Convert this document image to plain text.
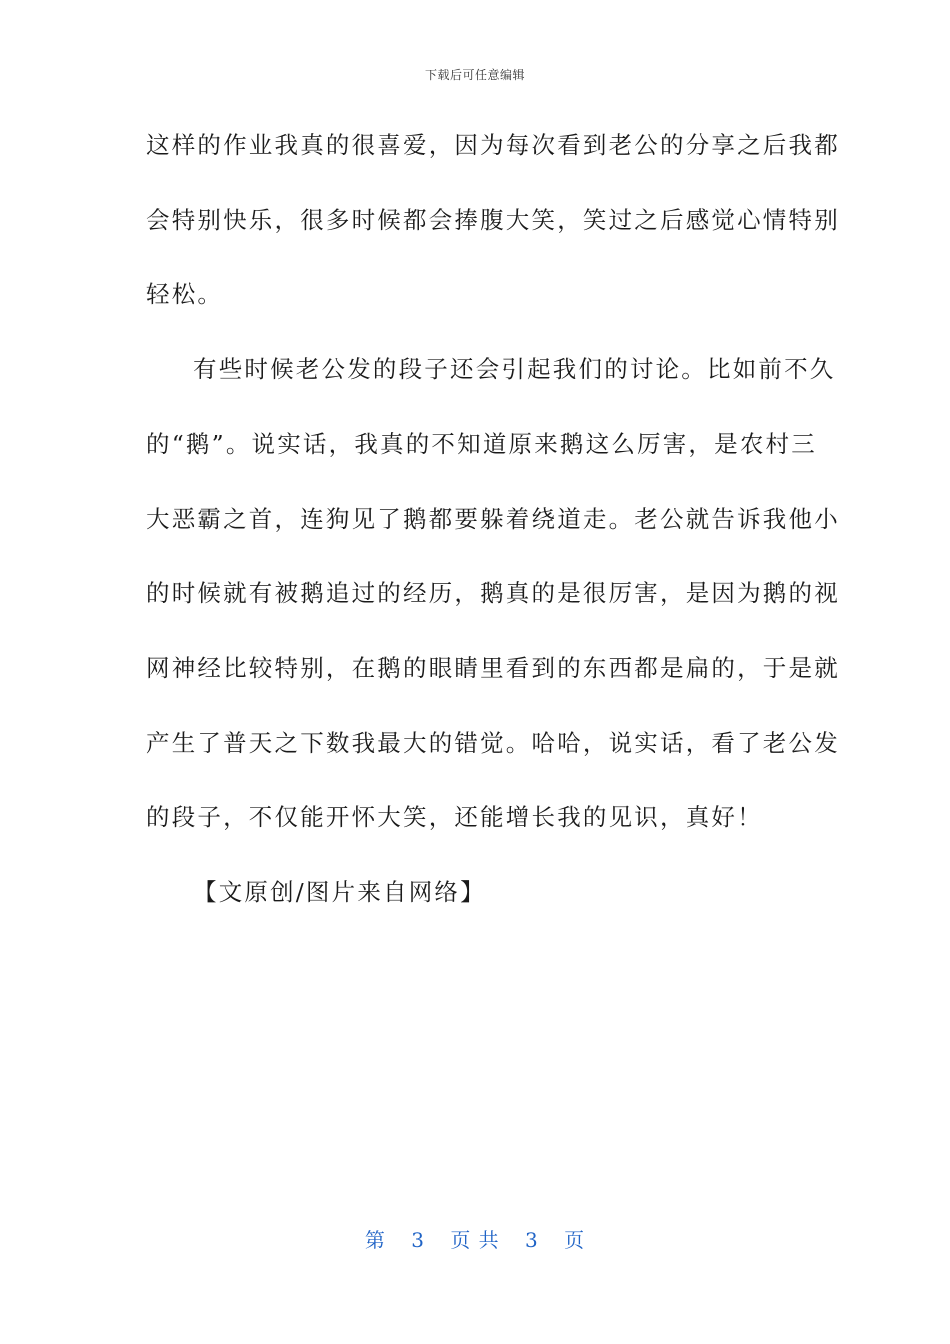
下载后可任意编辑
这样的作业我真的很喜爱，因为每次看到老公的分享之后我都
会特别快乐，很多时候都会捧腹大笑，笑过之后感觉心情特别
轻松。
有些时候老公发的段子还会引起我们的讨论。比如前不久
的“鹅”。说实话，我真的不知道原来鹅这么厉害，是农村三
大恶霸之首，连狗见了鹅都要躲着绕道走。老公就告诉我他小
的时候就有被鹅追过的经历，鹅真的是很厉害，是因为鹅的视
网神经比较特别，在鹅的眼睛里看到的东西都是扁的，于是就
产生了普天之下数我最大的错觉。哈哈，说实话，看了老公发
的段子，不仅能开怀大笑，还能增长我的见识，真好！
【文原创/图片来自网络】
第 3 页 共 3 页
